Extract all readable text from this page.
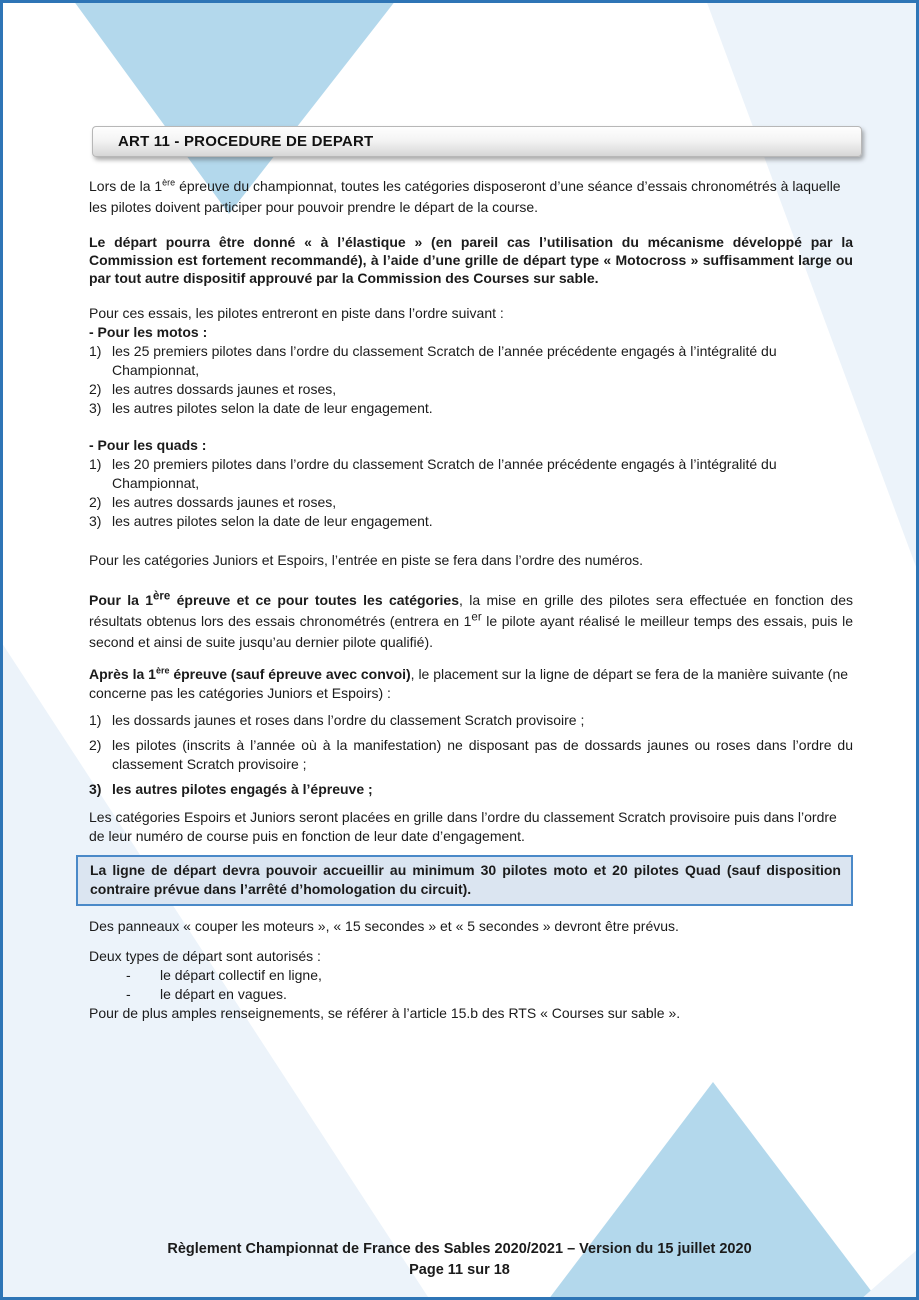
ART 11 - PROCEDURE DE DEPART

Lors de la 1ère épreuve du championnat, toutes les catégories disposeront d’une séance d’essais chronométrés à laquelle les pilotes doivent participer pour pouvoir prendre le départ de la course.

Le départ pourra être donné « à l’élastique » (en pareil cas l’utilisation du mécanisme développé par la Commission est fortement recommandé), à l’aide d’une grille de départ type « Motocross » suffisamment large ou par tout autre dispositif approuvé par la Commission des Courses sur sable.

Pour ces essais, les pilotes entreront en piste dans l’ordre suivant :

- Pour les motos :
1) les 25 premiers pilotes dans l’ordre du classement Scratch de l’année précédente engagés à l’intégralité du Championnat,
2) les autres dossards jaunes et roses,
3) les autres pilotes selon la date de leur engagement.
- Pour les quads :
1) les 20 premiers pilotes dans l’ordre du classement Scratch de l’année précédente engagés à l’intégralité du Championnat,
2) les autres dossards jaunes et roses,
3) les autres pilotes selon la date de leur engagement.

Pour les catégories Juniors et Espoirs, l’entrée en piste se fera dans l’ordre des numéros.

Pour la 1ère épreuve et ce pour toutes les catégories, la mise en grille des pilotes sera effectuée en fonction des résultats obtenus lors des essais chronométrés (entrera en 1er le pilote ayant réalisé le meilleur temps des essais, puis le second et ainsi de suite jusqu’au dernier pilote qualifié).

Après la 1ère épreuve (sauf épreuve avec convoi), le placement sur la ligne de départ se fera de la manière suivante (ne concerne pas les catégories Juniors et Espoirs) :

1) les dossards jaunes et roses dans l’ordre du classement Scratch provisoire ;
2) les pilotes (inscrits à l’année où à la manifestation) ne disposant pas de dossards jaunes ou roses dans l’ordre du classement Scratch provisoire ;
3) les autres pilotes engagés à l’épreuve ;

Les catégories Espoirs et Juniors seront placées en grille dans l’ordre du classement Scratch provisoire puis dans l’ordre de leur numéro de course puis en fonction de leur date d’engagement.

La ligne de départ devra pouvoir accueillir au minimum 30 pilotes moto et 20 pilotes Quad (sauf disposition contraire prévue dans l’arrêté d’homologation du circuit).

Des panneaux « couper les moteurs », « 15 secondes » et « 5 secondes » devront être prévus.

Deux types de départ sont autorisés :

-	le départ collectif en ligne,
-	le départ en vagues.

Pour de plus amples renseignements, se référer à l’article 15.b des RTS « Courses sur sable ».

Règlement Championnat de France des Sables 2020/2021 – Version du 15 juillet 2020
Page 11 sur 18
